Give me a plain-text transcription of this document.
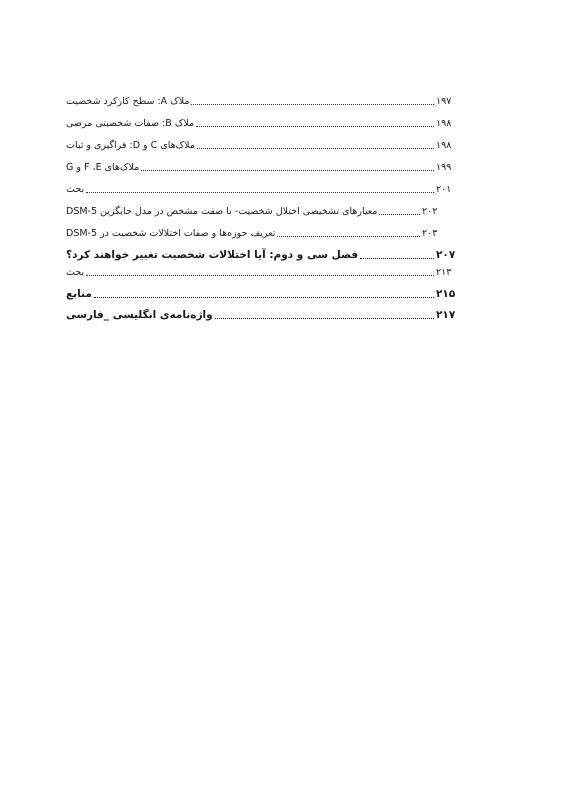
ملاک A: سطح کارکرد شخصیت	۱۹۷
ملاک B: صفات شخصیتی مرضی	۱۹۸
ملاک‌های C و D: فراگیری و ثبات	۱۹۸
ملاک‌های F ،E و G	۱۹۹
بحث	۲۰۱
معیارهای تشخیصی اختلال شخصیت- با صفت مشخص در مدل جایگزین DSM-5	۲۰۲
تعریف حوزه‌ها و صفات اختلالات شخصیت در DSM-5	۲۰۳
فصل سی و دوم: آیا اختلالات شخصیت تغییر خواهند کرد؟	۲۰۷
بحث	۲۱۳
منابع	۲۱۵
واژه‌نامه‌ی انگلیسی _فارسی	۲۱۷
